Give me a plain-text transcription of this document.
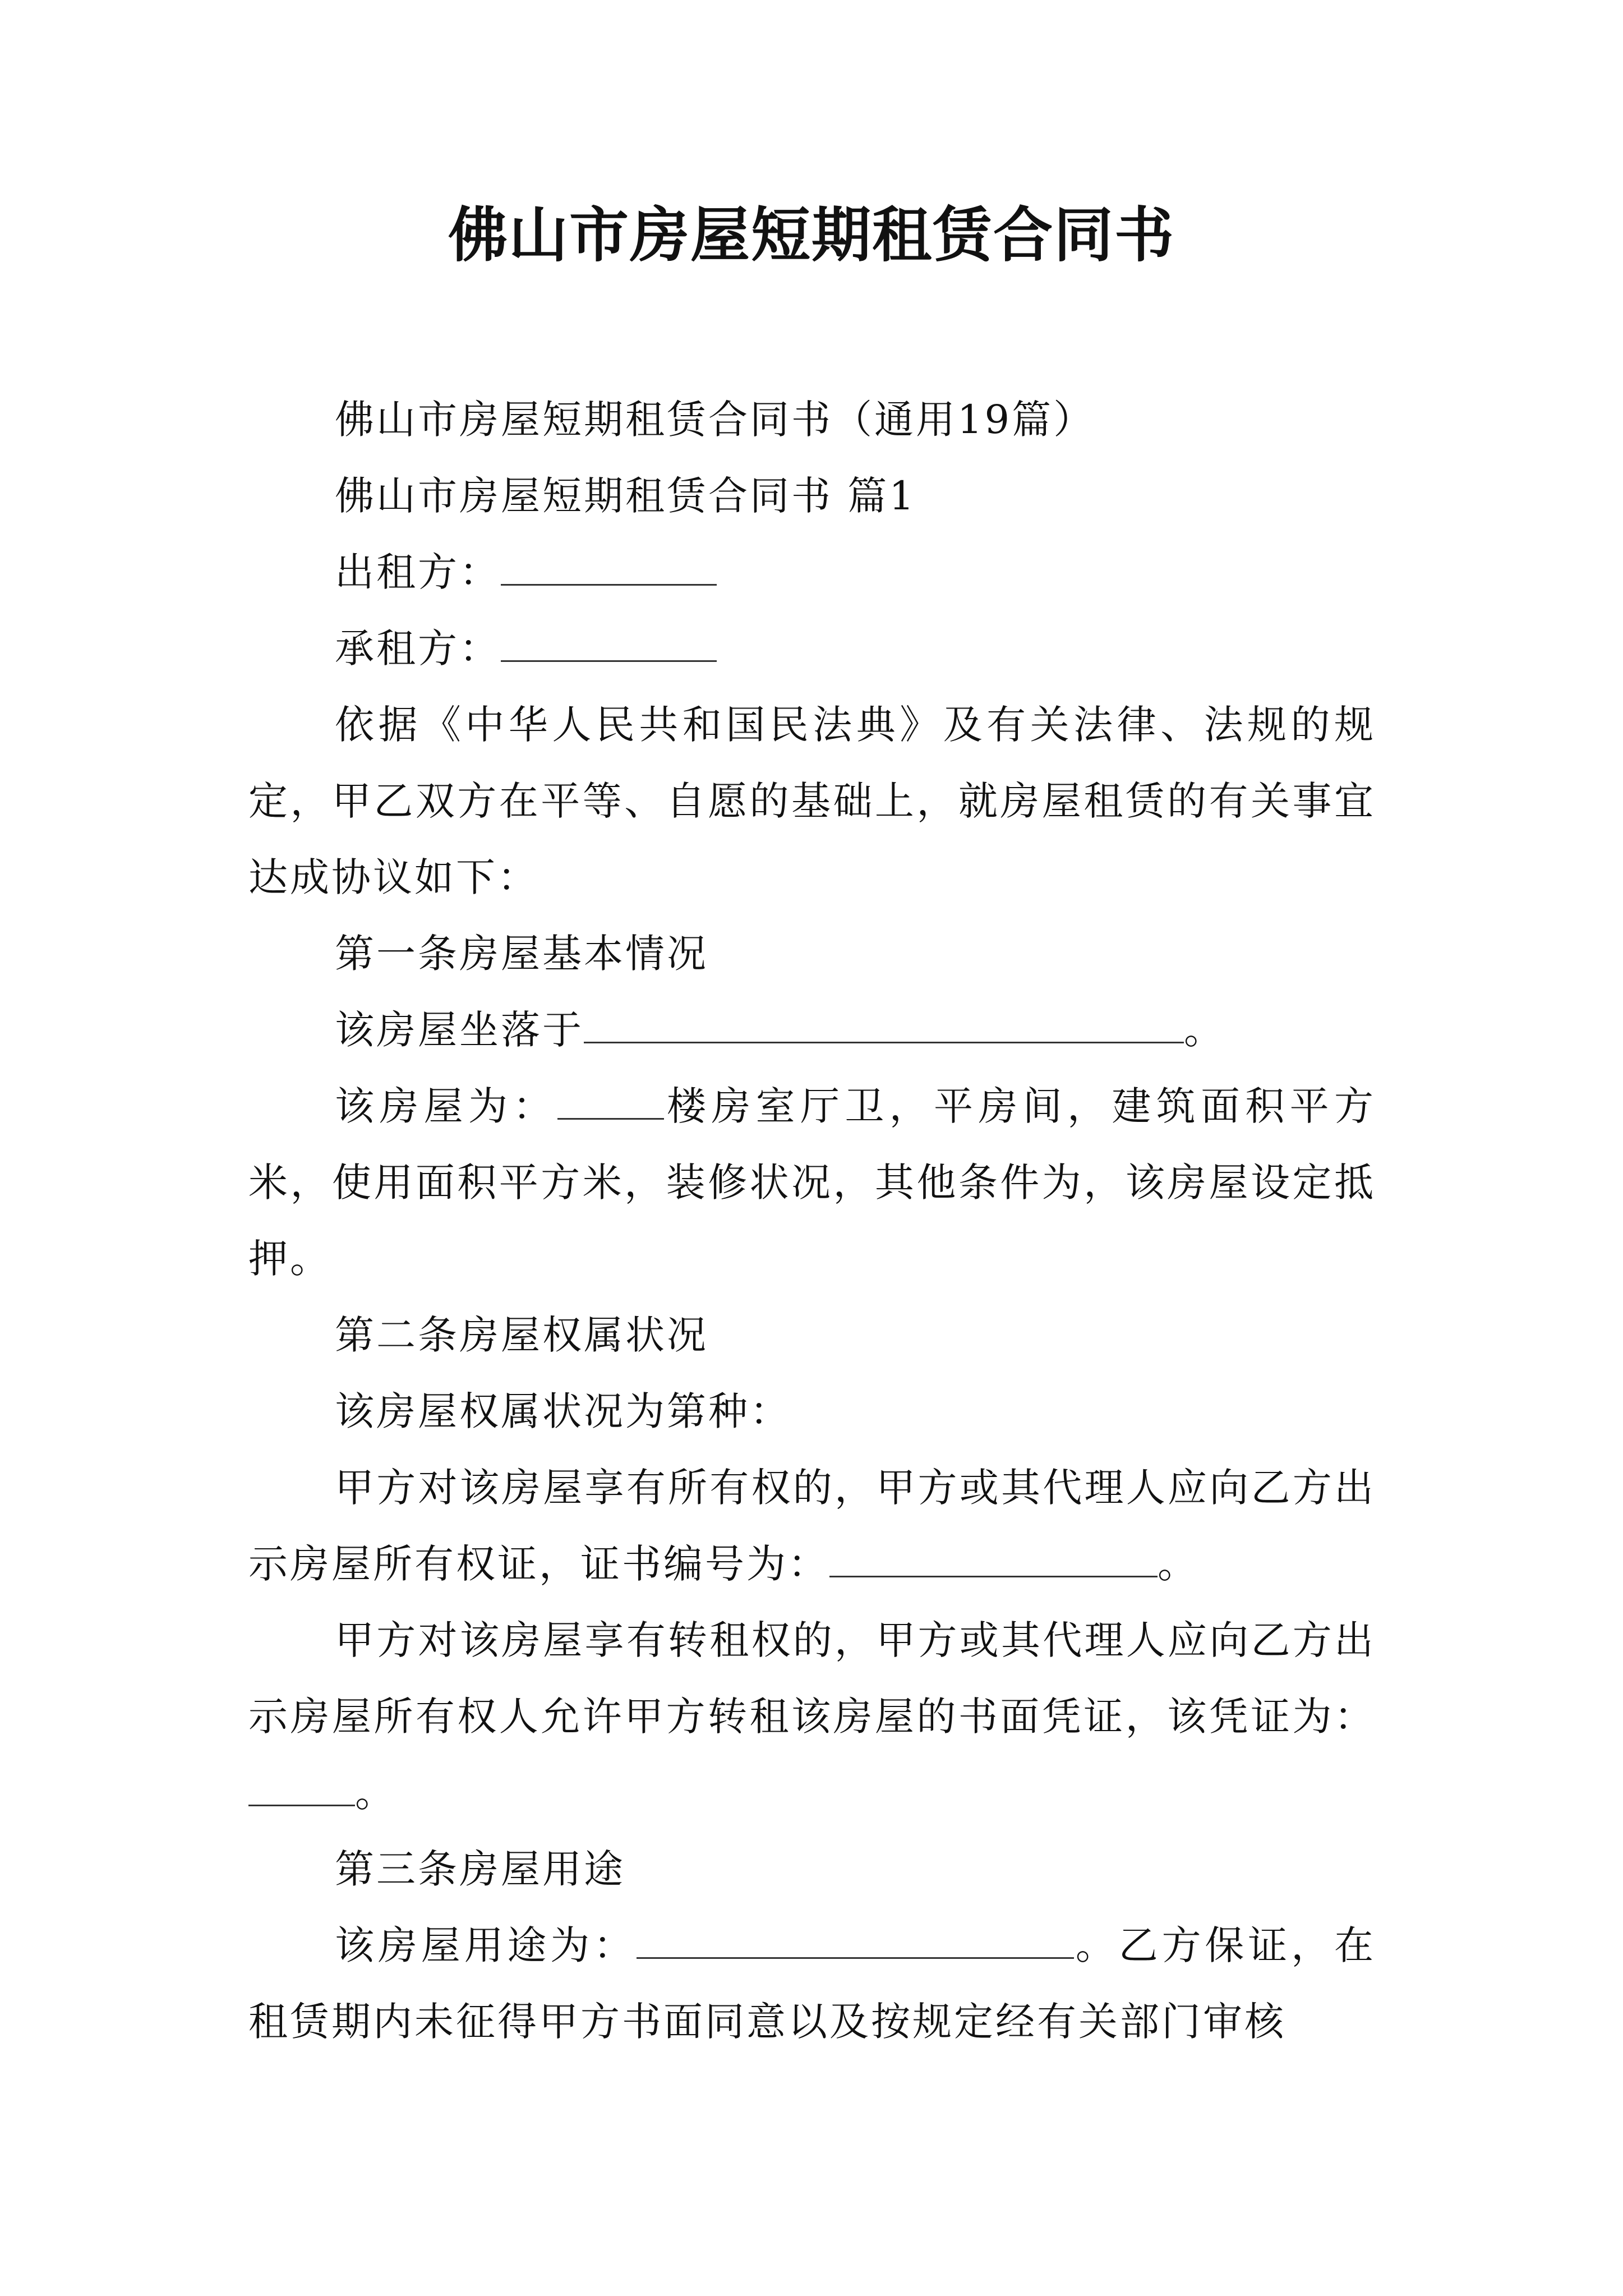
佛山市房屋短期租赁合同书

佛山市房屋短期租赁合同书（通用19篇）

佛山市房屋短期租赁合同书 篇1

出租方：

承租方：

依据《中华人民共和国民法典》及有关法律、法规的规定，甲乙双方在平等、自愿的基础上，就房屋租赁的有关事宜达成协议如下：

第一条房屋基本情况

该房屋坐落于	。

该房屋为：	楼房室厅卫，平房间，建筑面积平方米，使用面积平方米，装修状况，其他条件为，该房屋设定抵押。

第二条房屋权属状况

该房屋权属状况为第种：

甲方对该房屋享有所有权的，甲方或其代理人应向乙方出示房屋所有权证，证书编号为：	。

甲方对该房屋享有转租权的，甲方或其代理人应向乙方出示房屋所有权人允许甲方转租该房屋的书面凭证，该凭证为：。

第三条房屋用途

该房屋用途为：	。乙方保证，在租赁期内未征得甲方书面同意以及按规定经有关部门审核
